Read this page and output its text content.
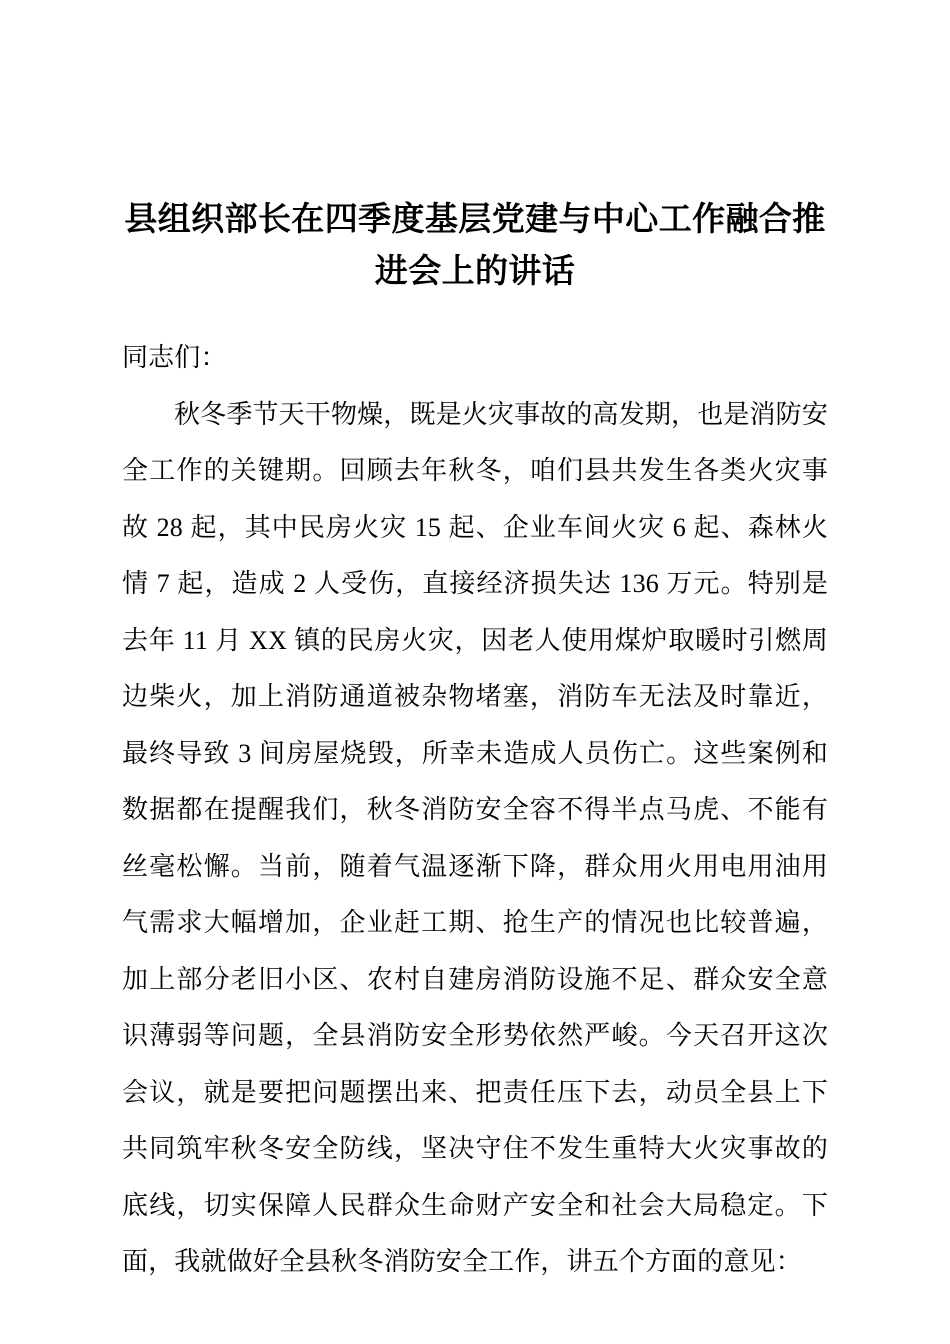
县组织部长在四季度基层党建与中心工作融合推进会上的讲话

同志们：

秋冬季节天干物燥，既是火灾事故的高发期，也是消防安全工作的关键期。回顾去年秋冬，咱们县共发生各类火灾事故 28 起，其中民房火灾 15 起、企业车间火灾 6 起、森林火情 7 起，造成 2 人受伤，直接经济损失达 136 万元。特别是去年 11 月 XX 镇的民房火灾，因老人使用煤炉取暖时引燃周边柴火，加上消防通道被杂物堵塞，消防车无法及时靠近，最终导致 3 间房屋烧毁，所幸未造成人员伤亡。这些案例和数据都在提醒我们，秋冬消防安全容不得半点马虎、不能有丝毫松懈。当前，随着气温逐渐下降，群众用火用电用油用气需求大幅增加，企业赶工期、抢生产的情况也比较普遍，加上部分老旧小区、农村自建房消防设施不足、群众安全意识薄弱等问题，全县消防安全形势依然严峻。今天召开这次会议，就是要把问题摆出来、把责任压下去，动员全县上下共同筑牢秋冬安全防线，坚决守住不发生重特大火灾事故的底线，切实保障人民群众生命财产安全和社会大局稳定。下面，我就做好全县秋冬消防安全工作，讲五个方面的意见：
